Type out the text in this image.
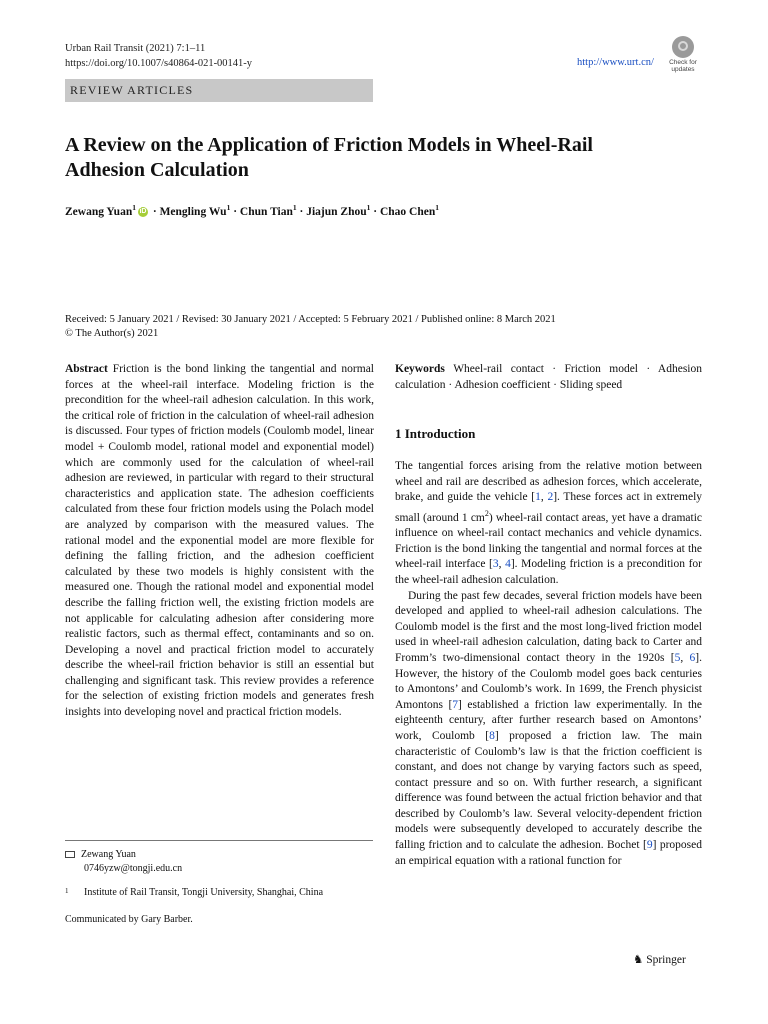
Urban Rail Transit (2021) 7:1–11
https://doi.org/10.1007/s40864-021-00141-y	http://www.urt.cn/	Check for
updates
REVIEW ARTICLES
A Review on the Application of Friction Models in Wheel-Rail
Adhesion Calculation
Zewang Yuan$^1$ iD · Mengling $Wu^1$ · Chun Tian$^1$ · Jiajun Zhou$^1$ · Chao Chen$^1$
Received: 5 January 2021 / Revised: 30 January 2021 / Accepted: 5 February 2021 / Published online: 8 March 2021
© The Author(s) 2021

Abstract Friction is the bond linking the tangential and normal forces at the wheel-rail interface. Modeling friction is the precondition for the wheel-rail adhesion calculation. In this work, the critical role of friction in the calculation of wheel-rail adhesion is discussed. Four types of friction models (Coulomb model, linear model + Coulomb model, rational model and exponential model) which are commonly used for the calculation of wheel-rail adhesion are reviewed, in particular with regard to their structural characteristics and application state. The adhesion coefficients calculated from these four friction models using the Polach model are analyzed by comparison with the measured values. The rational model and the exponential model are more flexible for defining the falling friction, and the adhesion coefficient calculated by these two models is highly consistent with the measured one. Though the rational model and exponential model describe the falling friction well, the existing friction models are not applicable for calculating adhesion after considering more realistic factors, such as thermal effect, contaminants and so on. Developing a novel and practical friction model to accurately describe the wheel-rail friction behavior is still an essential but challenging and significant task. This review provides a reference for the selection of existing friction models and generates fresh insights into developing novel and practical friction models.

Keywords Wheel-rail contact · Friction model · Adhesion calculation · Adhesion coefficient · Sliding speed

1 Introduction

The tangential forces arising from the relative motion between wheel and rail are described as adhesion forces, which accelerate, brake, and guide the vehicle [1, 2]. These forces act in extremely small (around 1 $cm^2$) wheel-rail contact areas, yet have a dramatic influence on wheel-rail contact mechanics and vehicle dynamics. Friction is the bond linking the tangential and normal forces at the wheel-rail interface [3, 4]. Modeling friction is a precondition for the wheel-rail adhesion calculation.

During the past few decades, several friction models have been developed and applied to wheel-rail adhesion calculations. The Coulomb model is the first and the most long-lived friction model used in wheel-rail adhesion calculation, dating back to Carter and Fromm’s two-dimensional contact theory in the 1920s [5, 6]. However, the history of the Coulomb model goes back centuries to Amontons’ and Coulomb’s work. In 1699, the French physicist Amontons [7] established a friction law experimentally. In the eighteenth century, after further research based on Amontons’ work, Coulomb [8] proposed a friction law. The main characteristic of Coulomb’s law is that the friction coefficient is constant, and does not change by varying factors such as speed, contact pressure and so on. With further research, a significant difference was found between the actual friction behavior and that described by Coulomb’s law. Several velocity-dependent friction models were subsequently developed to accurately describe the falling friction and to calculate the adhesion. Bochet [9] proposed an empirical equation with a rational function for

Zewang Yuan
0746yzw@tongji.edu.cn
$^1$ Institute of Rail Transit, Tongji University, Shanghai, China
Communicated by Gary Barber.
♞ Springer
